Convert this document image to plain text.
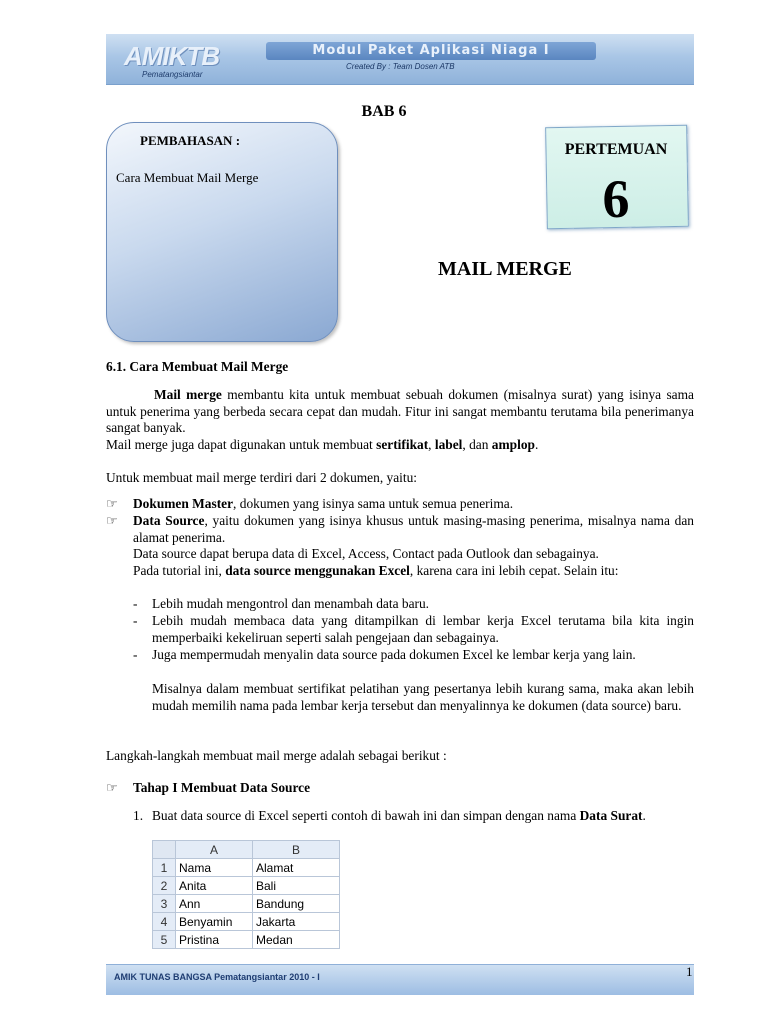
AMIKTB
Pematangsiantar
Modul Paket Aplikasi Niaga I
Created By : Team Dosen ATB
BAB 6
PEMBAHASAN :
Cara Membuat Mail Merge
PERTEMUAN
6
MAIL MERGE
6.1. Cara Membuat Mail Merge
Mail merge membantu kita untuk membuat sebuah dokumen (misalnya surat) yang isinya sama untuk penerima yang berbeda secara cepat dan mudah. Fitur ini sangat membantu terutama bila penerimanya sangat banyak.
Mail merge juga dapat digunakan untuk membuat sertifikat, label, dan amplop.
Untuk membuat mail merge terdiri dari 2 dokumen, yaitu:
☞ Dokumen Master, dokumen yang isinya sama untuk semua penerima.
☞ Data Source, yaitu dokumen yang isinya khusus untuk masing-masing penerima, misalnya nama dan alamat penerima.
Data source dapat berupa data di Excel, Access, Contact pada Outlook dan sebagainya.
Pada tutorial ini, data source menggunakan Excel, karena cara ini lebih cepat. Selain itu:
- Lebih mudah mengontrol dan menambah data baru.
- Lebih mudah membaca data yang ditampilkan di lembar kerja Excel terutama bila kita ingin memperbaiki kekeliruan seperti salah pengejaan dan sebagainya.
- Juga mempermudah menyalin data source pada dokumen Excel ke lembar kerja yang lain.
Misalnya dalam membuat sertifikat pelatihan yang pesertanya lebih kurang sama, maka akan lebih mudah memilih nama pada lembar kerja tersebut dan menyalinnya ke dokumen (data source) baru.
Langkah-langkah membuat mail merge adalah sebagai berikut :
☞ Tahap I Membuat Data Source
1. Buat data source di Excel seperti contoh di bawah ini dan simpan dengan nama Data Surat.
	A	B
1	Nama	Alamat
2	Anita	Bali
3	Ann	Bandung
4	Benyamin	Jakarta
5	Pristina	Medan
AMIK TUNAS BANGSA Pematangsiantar 2010 - I	1
